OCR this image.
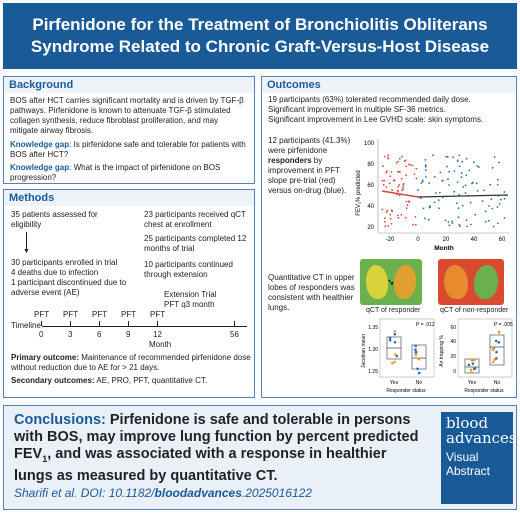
Pirfenidone for the Treatment of Bronchiolitis Obliterans
Syndrome Related to Chronic Graft-Versus-Host Disease
Background
BOS after HCT carries significant mortality and is driven by TGF-β pathways. Pirfenidone is known to attenuate TGF-β stimulated collagen synthesis, reduce fibroblast proliferation, and may mitigate airway fibrosis.
Knowledge gap: Is pirfenidone safe and tolerable for patients with BOS after HCT?
Knowledge gap: What is the impact of pirfenidone on BOS progression?
Methods
35 patients assessed for eligibility
▼
30 participants enrolled in trial
4 deaths due to infection
1 participant discontinued due to adverse event (AE)
23 participants received qCT chest at enrollment
25 participants completed 12 months of trial
10 participants continued through extension
Extension Trial
PFT q3 month
PFT PFT PFT PFT PFT
Timeline
0	3	6	9	12	56
Month
Primary outcome: Maintenance of recommended pirfenidone dose without reduction due to AE for > 21 days.
Secondary outcomes: AE, PRO, PFT, quantitative CT.
Outcomes
19 participants (63%) tolerated recommended daily dose.
Significant improvement in multiple SF-36 metrics.
Significant improvement in Lee GVHD scale: skin symptoms.
12 participants (41.3%) were pirfenidone responders by improvement in PFT slope pre-trial (red) versus on-drug (blue).	FEV₁% predicted
100
80
60
40
20
-20	0	20	40	60
Month
➘
qCT of responder	qCT of non-responder
Quantitative CT in upper lobes of responders was consistent with healthier lungs.
Jacobian mean
P = .012
1.35
1.30
1.25
Yes	No
Responder status
Air trapping %
P = .005
60
40
20
0
Yes	No
Responder status
Conclusions: Pirfenidone is safe and tolerable in persons with BOS, may improve lung function by percent predicted $FEV_1$, and was associated with a response in healthier lungs as measured by quantitative CT.
Sharifi et al. DOI: 10.1182/bloodadvances.2025016122
blood
advances
Visual Abstract
